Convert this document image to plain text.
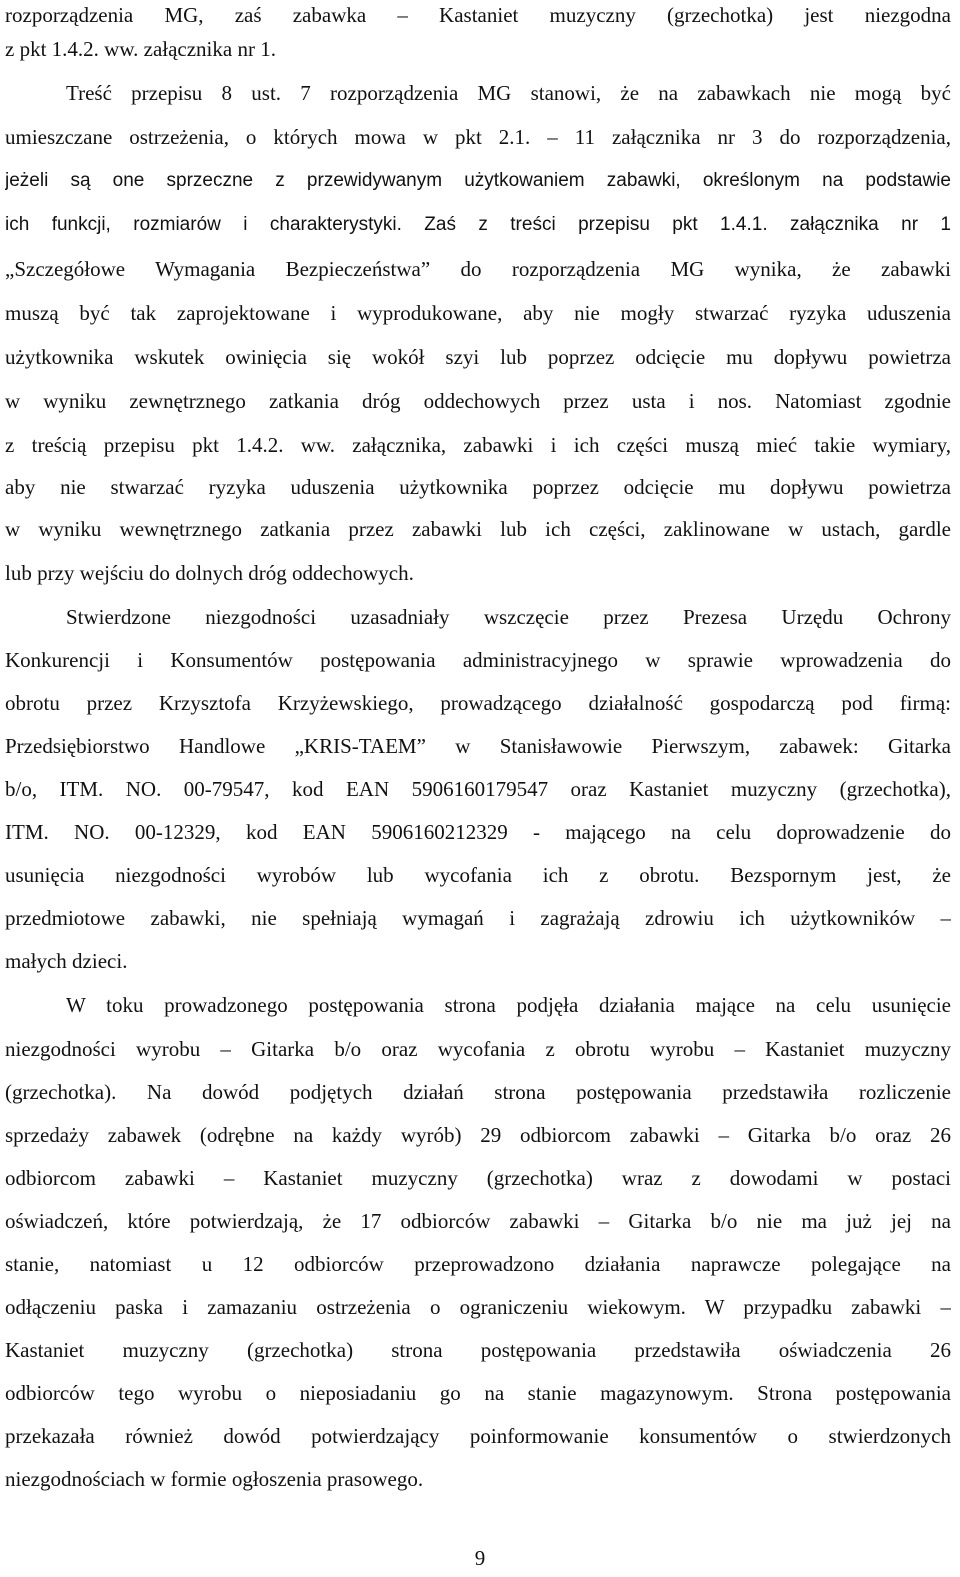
rozporządzenia MG, zaś zabawka – Kastaniet muzyczny (grzechotka) jest niezgodna
z pkt 1.4.2. ww. załącznika nr 1.
Treść przepisu 8 ust. 7 rozporządzenia MG stanowi, że na zabawkach nie mogą być
umieszczane ostrzeżenia, o których mowa w pkt 2.1. – 11 załącznika nr 3 do rozporządzenia,
jeżeli są one sprzeczne z przewidywanym użytkowaniem zabawki, określonym na podstawie
ich funkcji, rozmiarów i charakterystyki. Zaś z treści przepisu pkt 1.4.1. załącznika nr 1
„Szczegółowe Wymagania Bezpieczeństwa” do rozporządzenia MG wynika, że zabawki
muszą być tak zaprojektowane i wyprodukowane, aby nie mogły stwarzać ryzyka uduszenia
użytkownika wskutek owinięcia się wokół szyi lub poprzez odcięcie mu dopływu powietrza
w wyniku zewnętrznego zatkania dróg oddechowych przez usta i nos. Natomiast zgodnie
z treścią przepisu pkt 1.4.2. ww. załącznika, zabawki i ich części muszą mieć takie wymiary,
aby nie stwarzać ryzyka uduszenia użytkownika poprzez odcięcie mu dopływu powietrza
w wyniku wewnętrznego zatkania przez zabawki lub ich części, zaklinowane w ustach, gardle
lub przy wejściu do dolnych dróg oddechowych.
Stwierdzone niezgodności uzasadniały wszczęcie przez Prezesa Urzędu Ochrony
Konkurencji i Konsumentów postępowania administracyjnego w sprawie wprowadzenia do
obrotu przez Krzysztofa Krzyżewskiego, prowadzącego działalność gospodarczą pod firmą:
Przedsiębiorstwo Handlowe „KRIS-TAEM” w Stanisławowie Pierwszym, zabawek: Gitarka
b/o, ITM. NO. 00-79547, kod EAN 5906160179547 oraz Kastaniet muzyczny (grzechotka),
ITM. NO. 00-12329, kod EAN 5906160212329 - mającego na celu doprowadzenie do
usunięcia niezgodności wyrobów lub wycofania ich z obrotu. Bezspornym jest, że
przedmiotowe zabawki, nie spełniają wymagań i zagrażają zdrowiu ich użytkowników –
małych dzieci.
W toku prowadzonego postępowania strona podjęła działania mające na celu usunięcie
niezgodności wyrobu – Gitarka b/o oraz wycofania z obrotu wyrobu – Kastaniet muzyczny
(grzechotka). Na dowód podjętych działań strona postępowania przedstawiła rozliczenie
sprzedaży zabawek (odrębne na każdy wyrób) 29 odbiorcom zabawki – Gitarka b/o oraz 26
odbiorcom zabawki – Kastaniet muzyczny (grzechotka) wraz z dowodami w postaci
oświadczeń, które potwierdzają, że 17 odbiorców zabawki – Gitarka b/o nie ma już jej na
stanie, natomiast u 12 odbiorców przeprowadzono działania naprawcze polegające na
odłączeniu paska i zamazaniu ostrzeżenia o ograniczeniu wiekowym. W przypadku zabawki –
Kastaniet muzyczny (grzechotka) strona postępowania przedstawiła oświadczenia 26
odbiorców tego wyrobu o nieposiadaniu go na stanie magazynowym. Strona postępowania
przekazała również dowód potwierdzający poinformowanie konsumentów o stwierdzonych
niezgodnościach w formie ogłoszenia prasowego.
9
